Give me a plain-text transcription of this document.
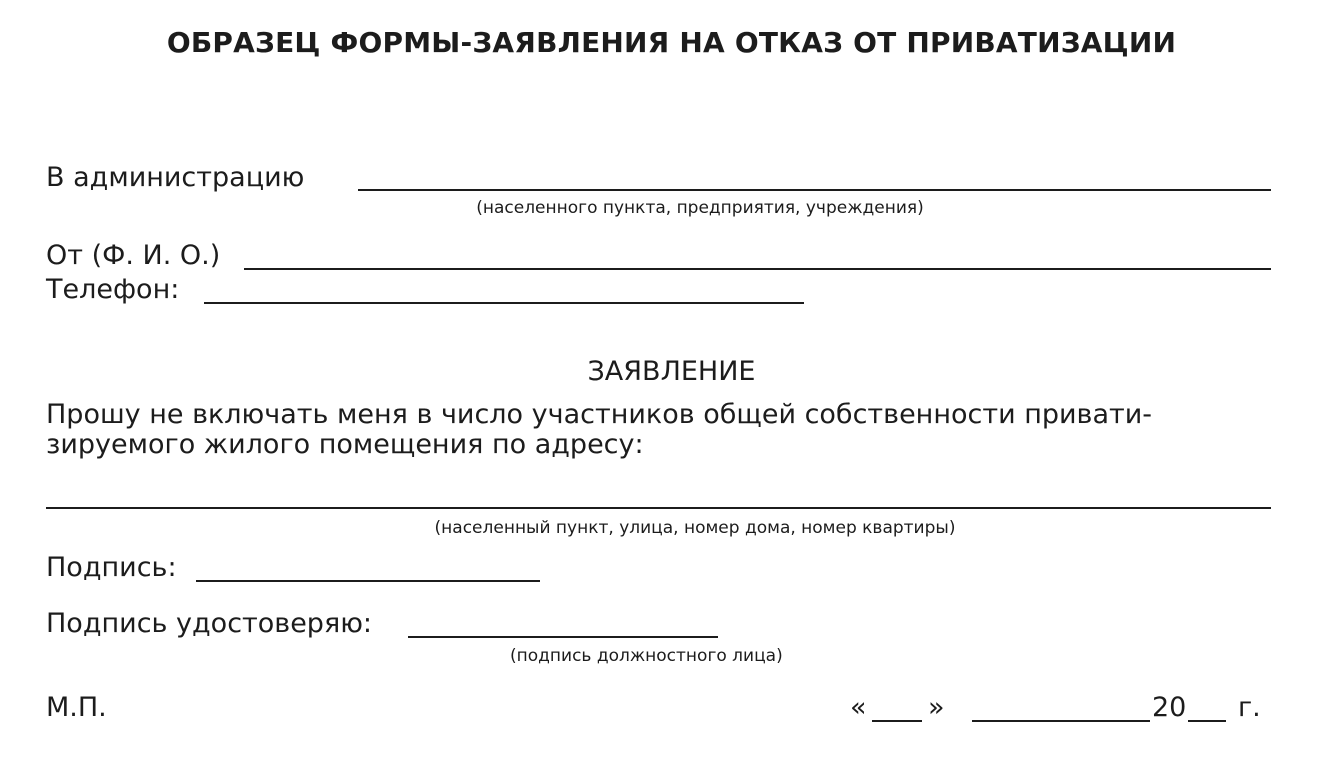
ОБРАЗЕЦ ФОРМЫ-ЗАЯВЛЕНИЯ НА ОТКАЗ ОТ ПРИВАТИЗАЦИИ
В администрацию
(населенного пункта, предприятия, учреждения)
От (Ф. И. О.)
Телефон:
ЗАЯВЛЕНИЕ
Прошу не включать меня в число участников общей собственности привати-
зируемого жилого помещения по адресу:
(населенный пункт, улица, номер дома, номер квартиры)
Подпись:
Подпись удостоверяю:
(подпись должностного лица)
М.П.	« »	20 г.
